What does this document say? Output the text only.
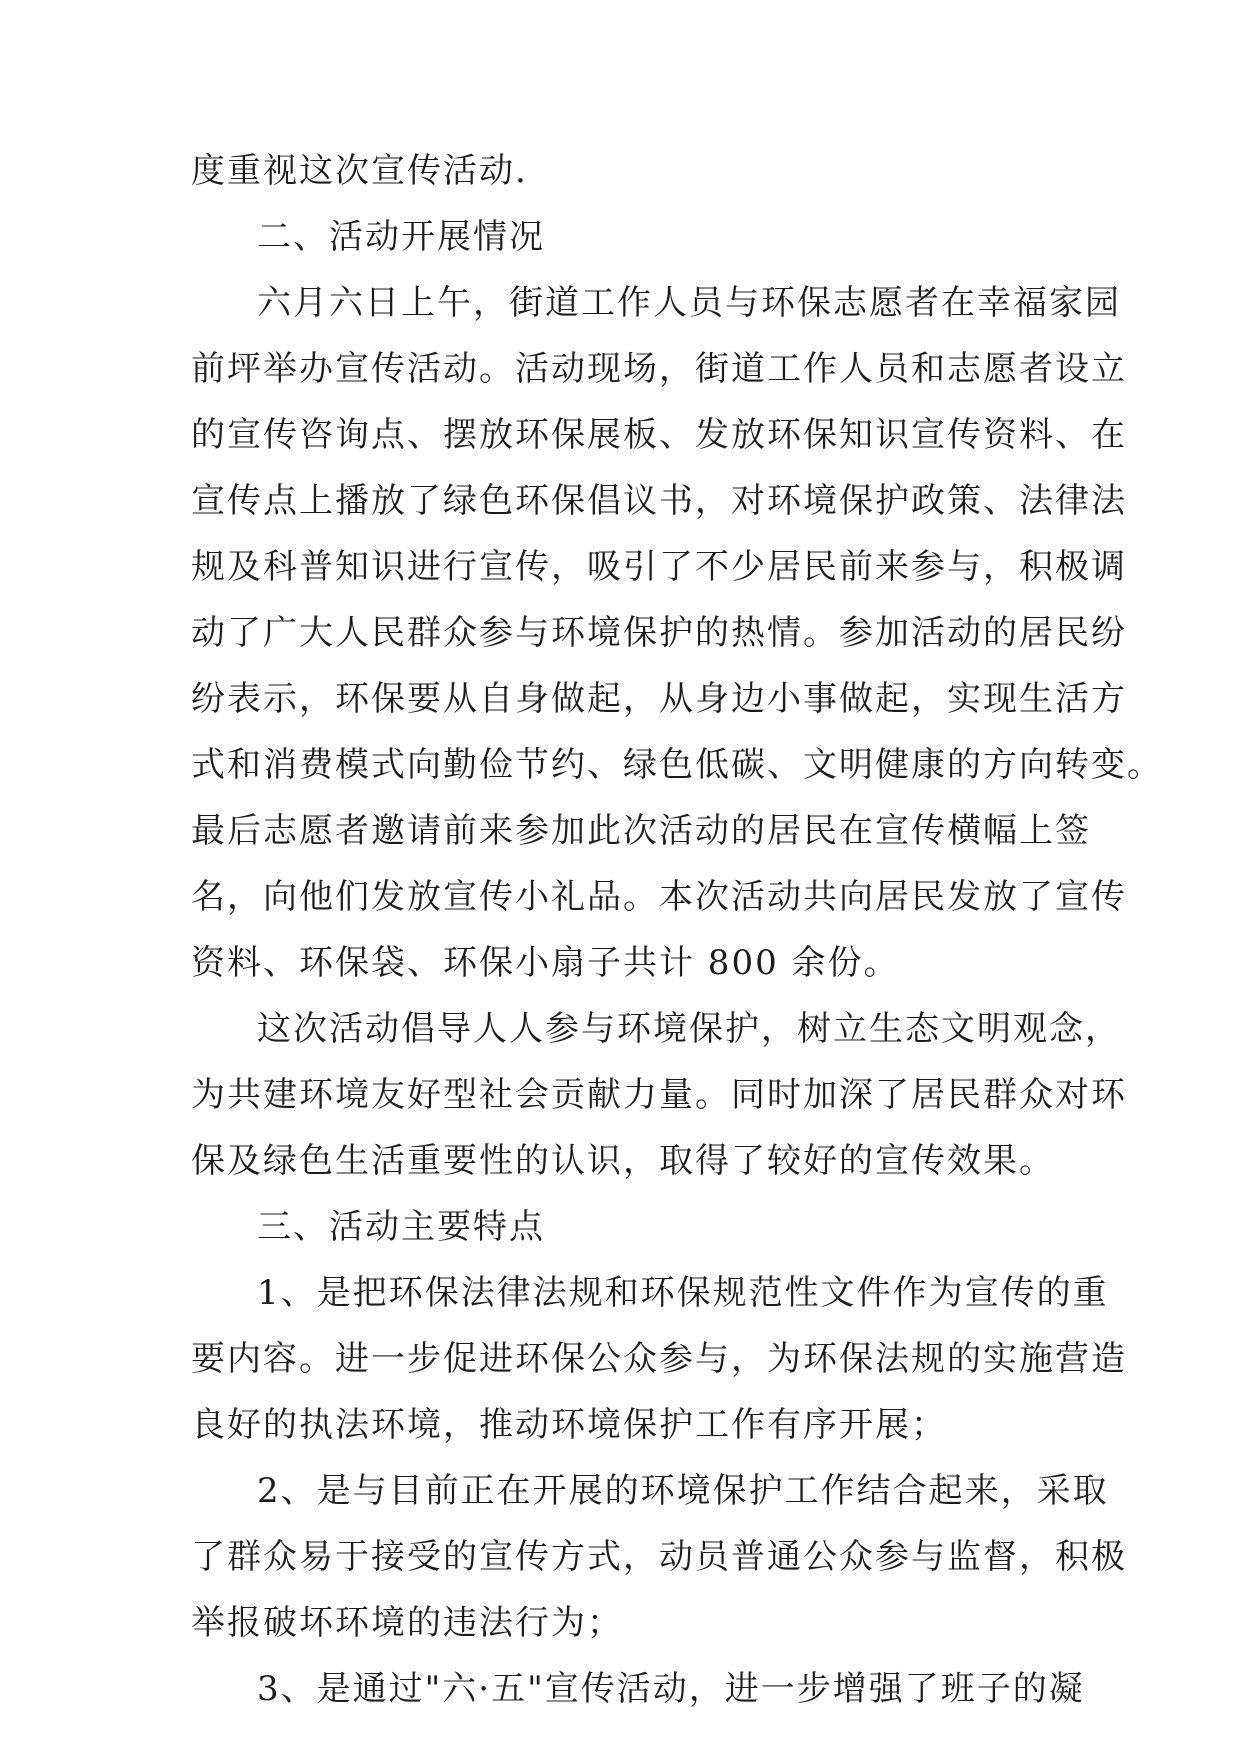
度重视这次宣传活动.
二、活动开展情况
六月六日上午，街道工作人员与环保志愿者在幸福家园
前坪举办宣传活动。活动现场，街道工作人员和志愿者设立
的宣传咨询点、摆放环保展板、发放环保知识宣传资料、在
宣传点上播放了绿色环保倡议书，对环境保护政策、法律法
规及科普知识进行宣传，吸引了不少居民前来参与，积极调
动了广大人民群众参与环境保护的热情。参加活动的居民纷
纷表示，环保要从自身做起，从身边小事做起，实现生活方
式和消费模式向勤俭节约、绿色低碳、文明健康的方向转变。
最后志愿者邀请前来参加此次活动的居民在宣传横幅上签
名，向他们发放宣传小礼品。本次活动共向居民发放了宣传
资料、环保袋、环保小扇子共计 800 余份。
这次活动倡导人人参与环境保护，树立生态文明观念，
为共建环境友好型社会贡献力量。同时加深了居民群众对环
保及绿色生活重要性的认识，取得了较好的宣传效果。
三、活动主要特点
1、是把环保法律法规和环保规范性文件作为宣传的重
要内容。进一步促进环保公众参与，为环保法规的实施营造
良好的执法环境，推动环境保护工作有序开展；
2、是与目前正在开展的环境保护工作结合起来，采取
了群众易于接受的宣传方式，动员普通公众参与监督，积极
举报破坏环境的违法行为；
3、是通过"六·五"宣传活动，进一步增强了班子的凝
